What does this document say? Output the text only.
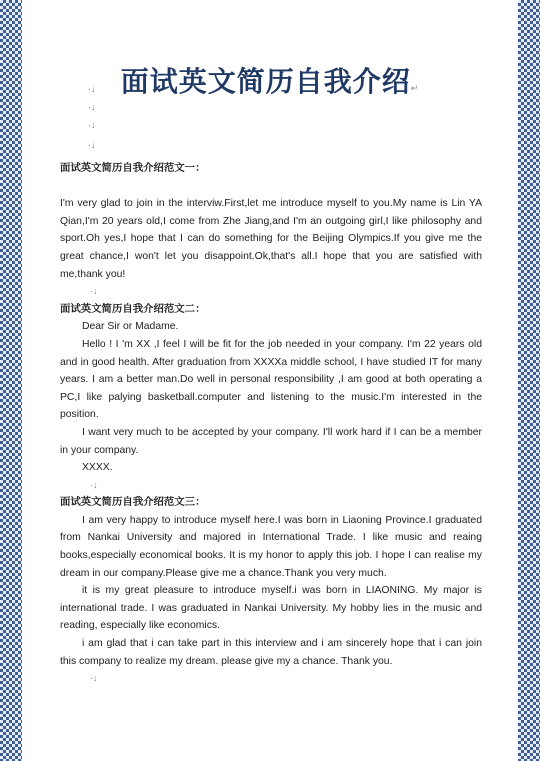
面试英文简历自我介绍↵
·↓
·↓
·↓
·↓

面试英文简历自我介绍范文一：

I'm very glad to join in the interviw.First,let me introduce myself to you.My name is Lin YA Qian,I'm 20 years old,I come from Zhe Jiang,and I'm an outgoing girl,I like philosophy and sport.Oh yes,I hope that I can do something for the Beijing Olympics.If you give me the great chance,I won't let you disappoint.Ok,that's all.I hope that you are satisfied with me,thank you!

·↓

面试英文简历自我介绍范文二：

Dear Sir or Madame.

Hello ! I 'm XX ,I feel I will be fit for the job needed in your company. I'm 22 years old and in good health. After graduation from XXXXa middle school, I have studied IT for many years. I am a better man.Do well in personal responsibility ,I am good at both operating a PC,I like palying basketball.computer and listening to the music.I'm interested in the position.

I want very much to be accepted by your company. I'll work hard if I can be a member in your company.

XXXX.

·↓

面试英文简历自我介绍范文三：

I am very happy to introduce myself here.I was born in Liaoning Province.I graduated from Nankai University and majored in International Trade. I like music and reaing books,especially economical books. It is my honor to apply this job. I hope I can realise my dream in our company.Please give me a chance.Thank you very much.

it is my great pleasure to introduce myself.i was born in LIAONING. My major is international trade. I was graduated in Nankai University. My hobby lies in the music and reading, especially like economics.

i am glad that i can take part in this interview and i am sincerely hope that i can join this company to realize my dream. please give my a chance. Thank you.

·↓
